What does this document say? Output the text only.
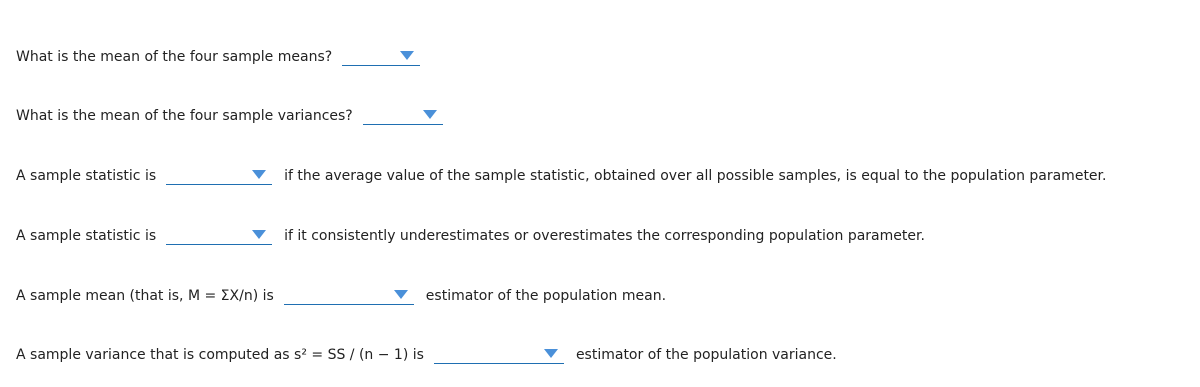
What is the mean of the four sample means?
What is the mean of the four sample variances?
A sample statistic is	if the average value of the sample statistic, obtained over all possible samples, is equal to the population parameter.
A sample statistic is	if it consistently underestimates or overestimates the corresponding population parameter.
A sample mean (that is, M = ΣX/n) is	estimator of the population mean.
A sample variance that is computed as s² = SS / (n − 1) is	estimator of the population variance.
